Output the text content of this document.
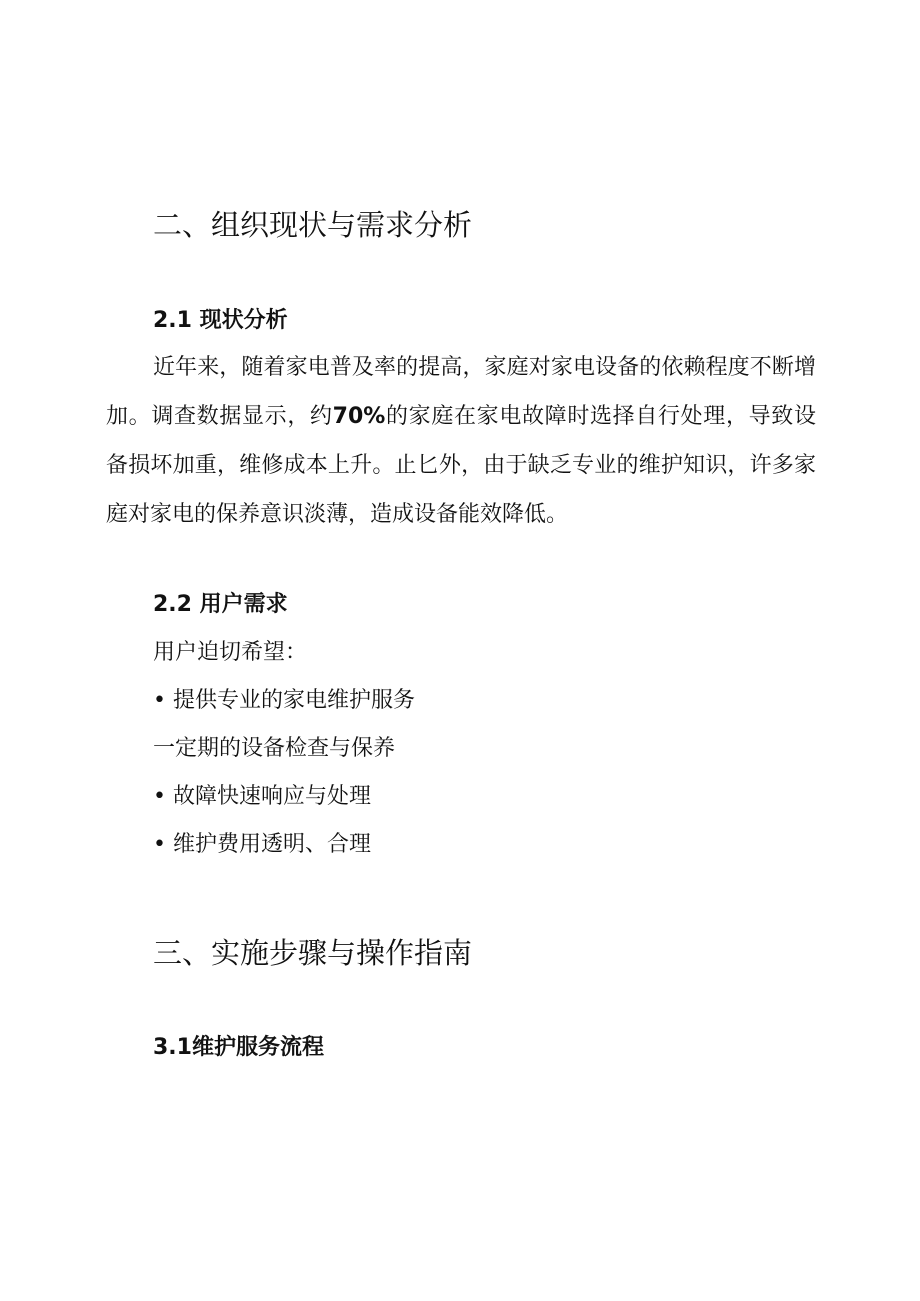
二、组织现状与需求分析
2.1 现状分析
近年来，随着家电普及率的提高，家庭对家电设备的依赖程度不断增加。调查数据显示，约70%的家庭在家电故障时选择自行处理，导致设备损坏加重，维修成本上升。止匕外，由于缺乏专业的维护知识，许多家庭对家电的保养意识淡薄，造成设备能效降低。
2.2 用户需求
用户迫切希望：
• 提供专业的家电维护服务
一定期的设备检查与保养
• 故障快速响应与处理
• 维护费用透明、合理
三、实施步骤与操作指南
3.1维护服务流程
